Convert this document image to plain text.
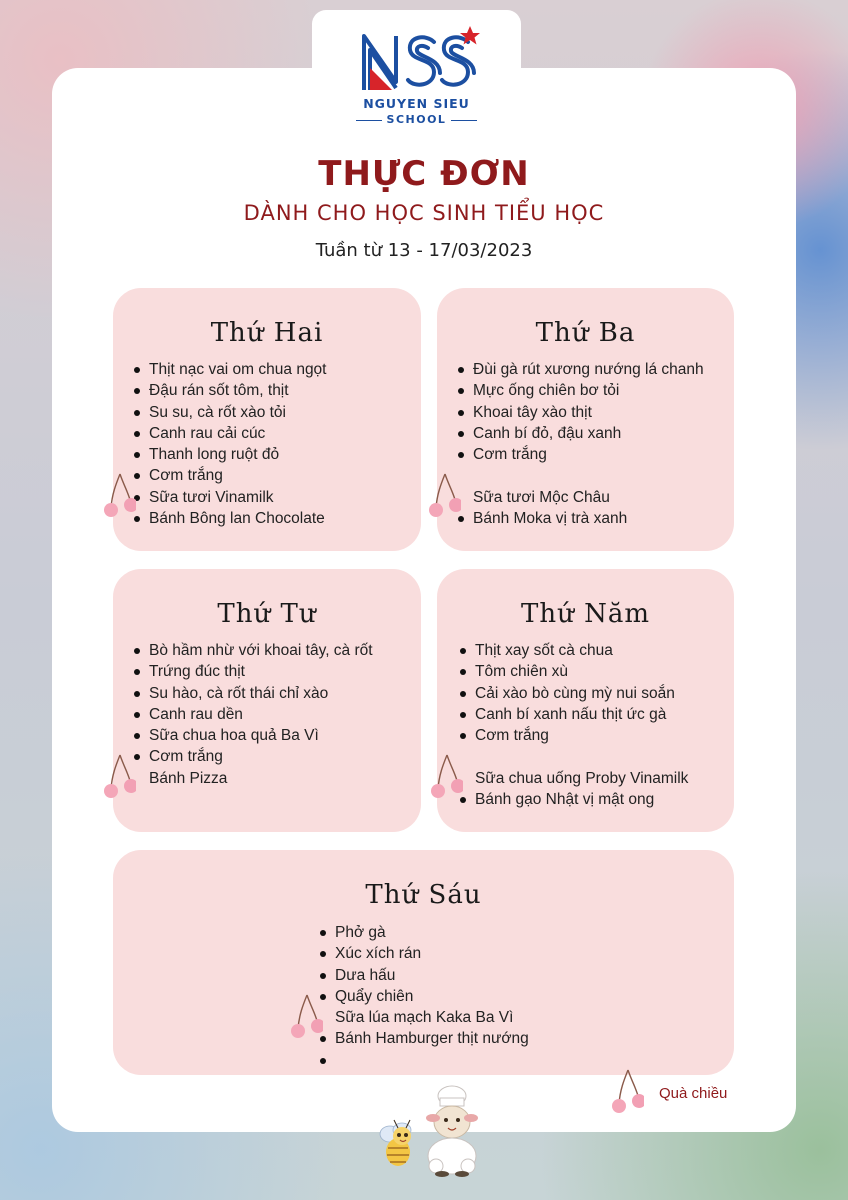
NGUYEN SIEU
SCHOOL
THỰC ĐƠN
DÀNH CHO HỌC SINH TIỂU HỌC
Tuần từ 13 - 17/03/2023
Thứ Hai
Thịt nạc vai om chua ngọt
Đậu rán sốt tôm, thịt
Su su, cà rốt xào tỏi
Canh rau cải cúc
Thanh long ruột đỏ
Cơm trắng
Sữa tươi Vinamilk
Bánh Bông lan Chocolate
Thứ Ba
Đùi gà rút xương nướng lá chanh
Mực ống chiên bơ tỏi
Khoai tây xào thịt
Canh bí đỏ, đậu xanh
Cơm trắng
Sữa tươi Mộc Châu
Bánh Moka vị trà xanh
Thứ Tư
Bò hầm nhừ với khoai tây, cà rốt
Trứng đúc thịt
Su hào, cà rốt thái chỉ xào
Canh rau dền
Sữa chua hoa quả Ba Vì
Cơm trắng
Bánh Pizza
Thứ Năm
Thịt xay sốt cà chua
Tôm chiên xù
Cải xào bò cùng mỳ nui soắn
Canh bí xanh nấu thịt ức gà
Cơm trắng
Sữa chua uống Proby Vinamilk
Bánh gạo Nhật vị mật ong
Thứ Sáu
Phở gà
Xúc xích rán
Dưa hấu
Quẩy chiên
Sữa lúa mạch Kaka Ba Vì
Bánh Hamburger thịt nướng
Quà chiều
